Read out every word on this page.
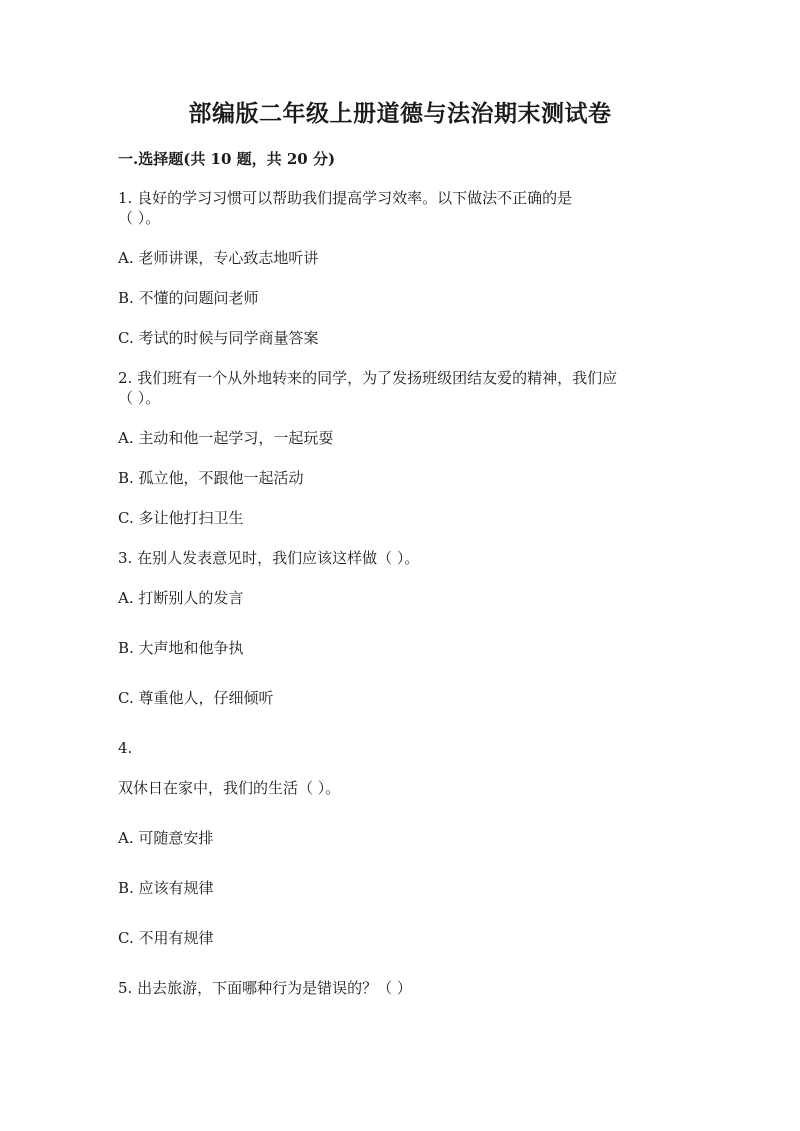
部编版二年级上册道德与法治期末测试卷
一.选择题(共 10 题，共 20 分)
1. 良好的学习习惯可以帮助我们提高学习效率。以下做法不正确的是
（ ）。
A. 老师讲课，专心致志地听讲
B. 不懂的问题问老师
C. 考试的时候与同学商量答案
2. 我们班有一个从外地转来的同学，为了发扬班级团结友爱的精神，我们应
（ ）。
A. 主动和他一起学习，一起玩耍
B. 孤立他，不跟他一起活动
C. 多让他打扫卫生
3. 在别人发表意见时，我们应该这样做（ ）。
A. 打断别人的发言
B. 大声地和他争执
C. 尊重他人，仔细倾听
4.
双休日在家中，我们的生活（ ）。
A. 可随意安排
B. 应该有规律
C. 不用有规律
5. 出去旅游，下面哪种行为是错误的？（ ）
